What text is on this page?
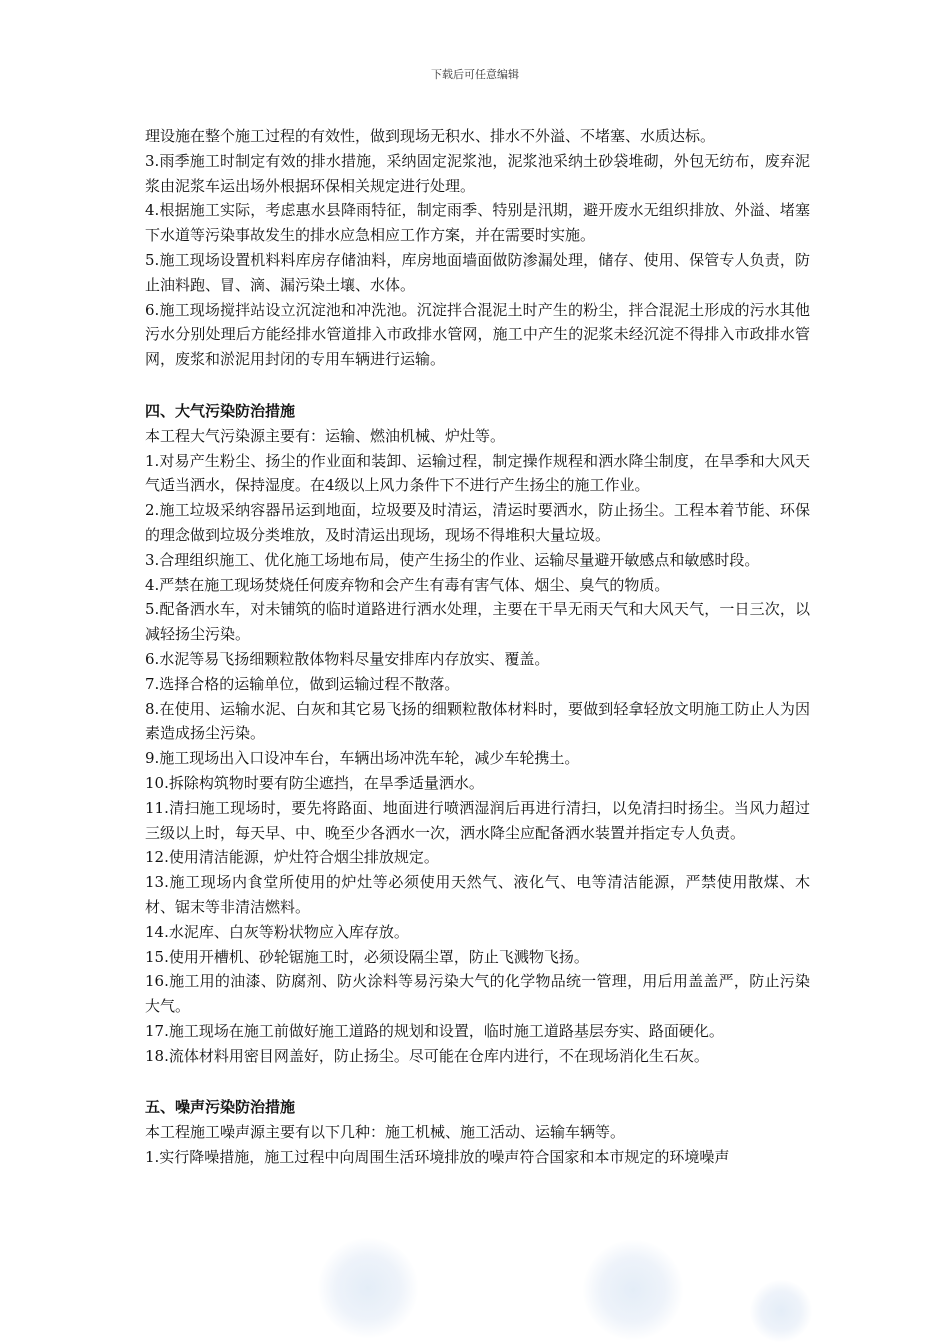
下载后可任意编辑

理设施在整个施工过程的有效性，做到现场无积水、排水不外溢、不堵塞、水质达标。

3.雨季施工时制定有效的排水措施，采纳固定泥浆池，泥浆池采纳土砂袋堆砌，外包无纺布，废弃泥浆由泥浆车运出场外根据环保相关规定进行处理。

4.根据施工实际，考虑惠水县降雨特征，制定雨季、特别是汛期，避开废水无组织排放、外溢、堵塞下水道等污染事故发生的排水应急相应工作方案，并在需要时实施。

5.施工现场设置机料料库房存储油料，库房地面墙面做防渗漏处理，储存、使用、保管专人负责，防止油料跑、冒、滴、漏污染土壤、水体。

6.施工现场搅拌站设立沉淀池和冲洗池。沉淀拌合混泥土时产生的粉尘，拌合混泥土形成的污水其他污水分别处理后方能经排水管道排入市政排水管网，施工中产生的泥浆未经沉淀不得排入市政排水管网，废浆和淤泥用封闭的专用车辆进行运输。

四、大气污染防治措施

本工程大气污染源主要有：运输、燃油机械、炉灶等。

1.对易产生粉尘、扬尘的作业面和装卸、运输过程，制定操作规程和洒水降尘制度，在旱季和大风天气适当洒水，保持湿度。在4级以上风力条件下不进行产生扬尘的施工作业。

2.施工垃圾采纳容器吊运到地面，垃圾要及时清运，清运时要洒水，防止扬尘。工程本着节能、环保的理念做到垃圾分类堆放，及时清运出现场，现场不得堆积大量垃圾。

3.合理组织施工、优化施工场地布局，使产生扬尘的作业、运输尽量避开敏感点和敏感时段。

4.严禁在施工现场焚烧任何废弃物和会产生有毒有害气体、烟尘、臭气的物质。

5.配备洒水车，对未铺筑的临时道路进行洒水处理，主要在干旱无雨天气和大风天气，一日三次，以减轻扬尘污染。

6.水泥等易飞扬细颗粒散体物料尽量安排库内存放实、覆盖。

7.选择合格的运输单位，做到运输过程不散落。

8.在使用、运输水泥、白灰和其它易飞扬的细颗粒散体材料时，要做到轻拿轻放文明施工防止人为因素造成扬尘污染。

9.施工现场出入口设冲车台，车辆出场冲洗车轮，减少车轮携土。

10.拆除构筑物时要有防尘遮挡，在旱季适量洒水。

11.清扫施工现场时，要先将路面、地面进行喷洒湿润后再进行清扫，以免清扫时扬尘。当风力超过三级以上时，每天早、中、晚至少各洒水一次，洒水降尘应配备洒水装置并指定专人负责。

12.使用清洁能源，炉灶符合烟尘排放规定。

13.施工现场内食堂所使用的炉灶等必须使用天然气、液化气、电等清洁能源，严禁使用散煤、木材、锯末等非清洁燃料。

14.水泥库、白灰等粉状物应入库存放。

15.使用开槽机、砂轮锯施工时，必须设隔尘罩，防止飞溅物飞扬。

16.施工用的油漆、防腐剂、防火涂料等易污染大气的化学物品统一管理，用后用盖盖严，防止污染大气。

17.施工现场在施工前做好施工道路的规划和设置，临时施工道路基层夯实、路面硬化。

18.流体材料用密目网盖好，防止扬尘。尽可能在仓库内进行，不在现场消化生石灰。

五、噪声污染防治措施

本工程施工噪声源主要有以下几种：施工机械、施工活动、运输车辆等。

1.实行降噪措施，施工过程中向周围生活环境排放的噪声符合国家和本市规定的环境噪声
